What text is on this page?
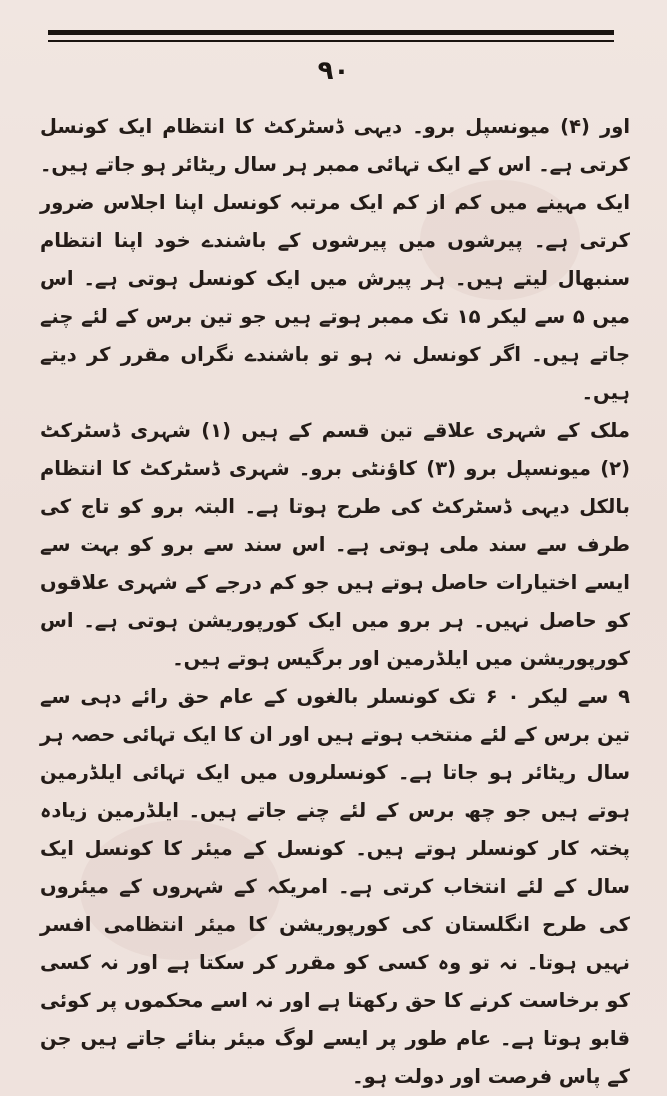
۹۰

اور (۴) میونسپل برو۔ دیہی ڈسٹرکٹ کا انتظام ایک کونسل کرتی ہے۔ اس کے ایک تہائی ممبر ہر سال ریٹائر ہو جاتے ہیں۔ ایک مہینے میں کم از کم ایک مرتبہ کونسل اپنا اجلاس ضرور کرتی ہے۔ پیرشوں میں پیرشوں کے باشندے خود اپنا انتظام سنبھال لیتے ہیں۔ ہر پیرش میں ایک کونسل ہوتی ہے۔ اس میں ۵ سے لیکر ۱۵ تک ممبر ہوتے ہیں جو تین برس کے لئے چنے جاتے ہیں۔ اگر کونسل نہ ہو تو باشندے نگراں مقرر کر دیتے ہیں۔

ملک کے شہری علاقے تین قسم کے ہیں (۱) شہری ڈسٹرکٹ (۲) میونسپل برو (۳) کاؤنٹی برو۔ شہری ڈسٹرکٹ کا انتظام بالکل دیہی ڈسٹرکٹ کی طرح ہوتا ہے۔ البتہ برو کو تاج کی طرف سے سند ملی ہوتی ہے۔ اس سند سے برو کو بہت سے ایسے اختیارات حاصل ہوتے ہیں جو کم درجے کے شہری علاقوں کو حاصل نہیں۔ ہر برو میں ایک کورپوریشن ہوتی ہے۔ اس کورپوریشن میں ایلڈرمین اور برگیس ہوتے ہیں۔

۹ سے لیکر ۰ ۶ تک کونسلر بالغوں کے عام حق رائے دہی سے تین برس کے لئے منتخب ہوتے ہیں اور ان کا ایک تہائی حصہ ہر سال ریٹائر ہو جاتا ہے۔ کونسلروں میں ایک تہائی ایلڈرمین ہوتے ہیں جو چھ برس کے لئے چنے جاتے ہیں۔ ایلڈرمین زیادہ پختہ کار کونسلر ہوتے ہیں۔ کونسل کے میئر کا کونسل ایک سال کے لئے انتخاب کرتی ہے۔ امریکہ کے شہروں کے میئروں کی طرح انگلستان کی کورپوریشن کا میئر انتظامی افسر نہیں ہوتا۔ نہ تو وہ کسی کو مقرر کر سکتا ہے اور نہ کسی کو برخاست کرنے کا حق رکھتا ہے اور نہ اسے محکموں پر کوئی قابو ہوتا ہے۔ عام طور پر ایسے لوگ میئر بنائے جاتے ہیں جن کے پاس فرصت اور دولت ہو۔
